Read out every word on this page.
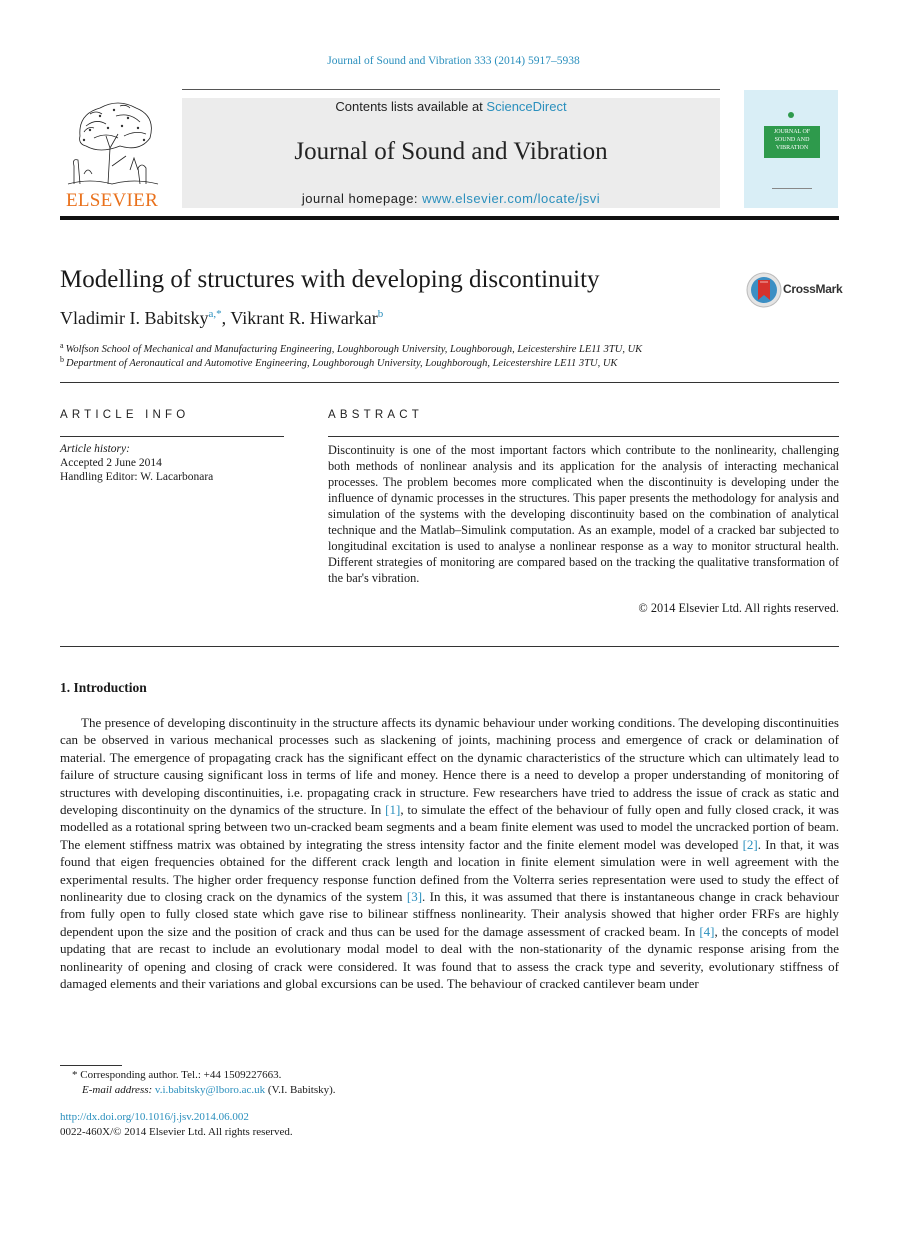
Journal of Sound and Vibration 333 (2014) 5917–5938
ELSEVIER
Contents lists available at ScienceDirect
Journal of Sound and Vibration
journal homepage: www.elsevier.com/locate/jsvi
JOURNAL OF SOUND AND VIBRATION
Modelling of structures with developing discontinuity	CrossMark
Vladimir I. Babitsky$^{a,*}$, Vikrant R. Hiwarkar$^b$
$^a$ Wolfson School of Mechanical and Manufacturing Engineering, Loughborough University, Loughborough, Leicestershire LE11 3TU, UK
$^b$ Department of Aeronautical and Automotive Engineering, Loughborough University, Loughborough, Leicestershire LE11 3TU, UK
ARTICLE INFO
Article history:
Accepted 2 June 2014
Handling Editor: W. Lacarbonara
ABSTRACT
Discontinuity is one of the most important factors which contribute to the nonlinearity, challenging both methods of nonlinear analysis and its application for the analysis of interacting mechanical processes. The problem becomes more complicated when the discontinuity is developing under the influence of dynamic processes in the structures. This paper presents the methodology for analysis and simulation of the systems with the developing discontinuity based on the combination of analytical technique and the Matlab–Simulink computation. As an example, model of a cracked bar subjected to longitudinal excitation is used to analyse a nonlinear response as a way to monitor structural health. Different strategies of monitoring are compared based on the tracking the qualitative transformation of the bar's vibration.
© 2014 Elsevier Ltd. All rights reserved.
1. Introduction
The presence of developing discontinuity in the structure affects its dynamic behaviour under working conditions. The developing discontinuities can be observed in various mechanical processes such as slackening of joints, machining process and emergence of crack or delamination of material. The emergence of propagating crack has the significant effect on the dynamic characteristics of the structure which can ultimately lead to failure of structure causing significant loss in terms of life and money. Hence there is a need to develop a proper understanding of monitoring of structures with developing discontinuities, i.e. propagating crack in structure. Few researchers have tried to address the issue of crack as static and developing discontinuity on the dynamics of the structure. In [1], to simulate the effect of the behaviour of fully open and fully closed crack, it was modelled as a rotational spring between two un-cracked beam segments and a beam finite element was used to model the uncracked portion of beam. The element stiffness matrix was obtained by integrating the stress intensity factor and the finite element model was developed [2]. In that, it was found that eigen frequencies obtained for the different crack length and location in finite element simulation were in well agreement with the experimental results. The higher order frequency response function defined from the Volterra series representation were used to study the effect of nonlinearity due to closing crack on the dynamics of the system [3]. In this, it was assumed that there is instantaneous change in crack behaviour from fully open to fully closed state which gave rise to bilinear stiffness nonlinearity. Their analysis showed that higher order FRFs are highly dependent upon the size and the position of crack and thus can be used for the damage assessment of cracked beam. In [4], the concepts of model updating that are recast to include an evolutionary modal model to deal with the non-stationarity of the dynamic response arising from the nonlinearity of opening and closing of crack were considered. It was found that to assess the crack type and severity, evolutionary stiffness of damaged elements and their variations and global excursions can be used. The behaviour of cracked cantilever beam under
* Corresponding author. Tel.: +44 1509227663.
E-mail address: v.i.babitsky@lboro.ac.uk (V.I. Babitsky).
http://dx.doi.org/10.1016/j.jsv.2014.06.002
0022-460X/© 2014 Elsevier Ltd. All rights reserved.
